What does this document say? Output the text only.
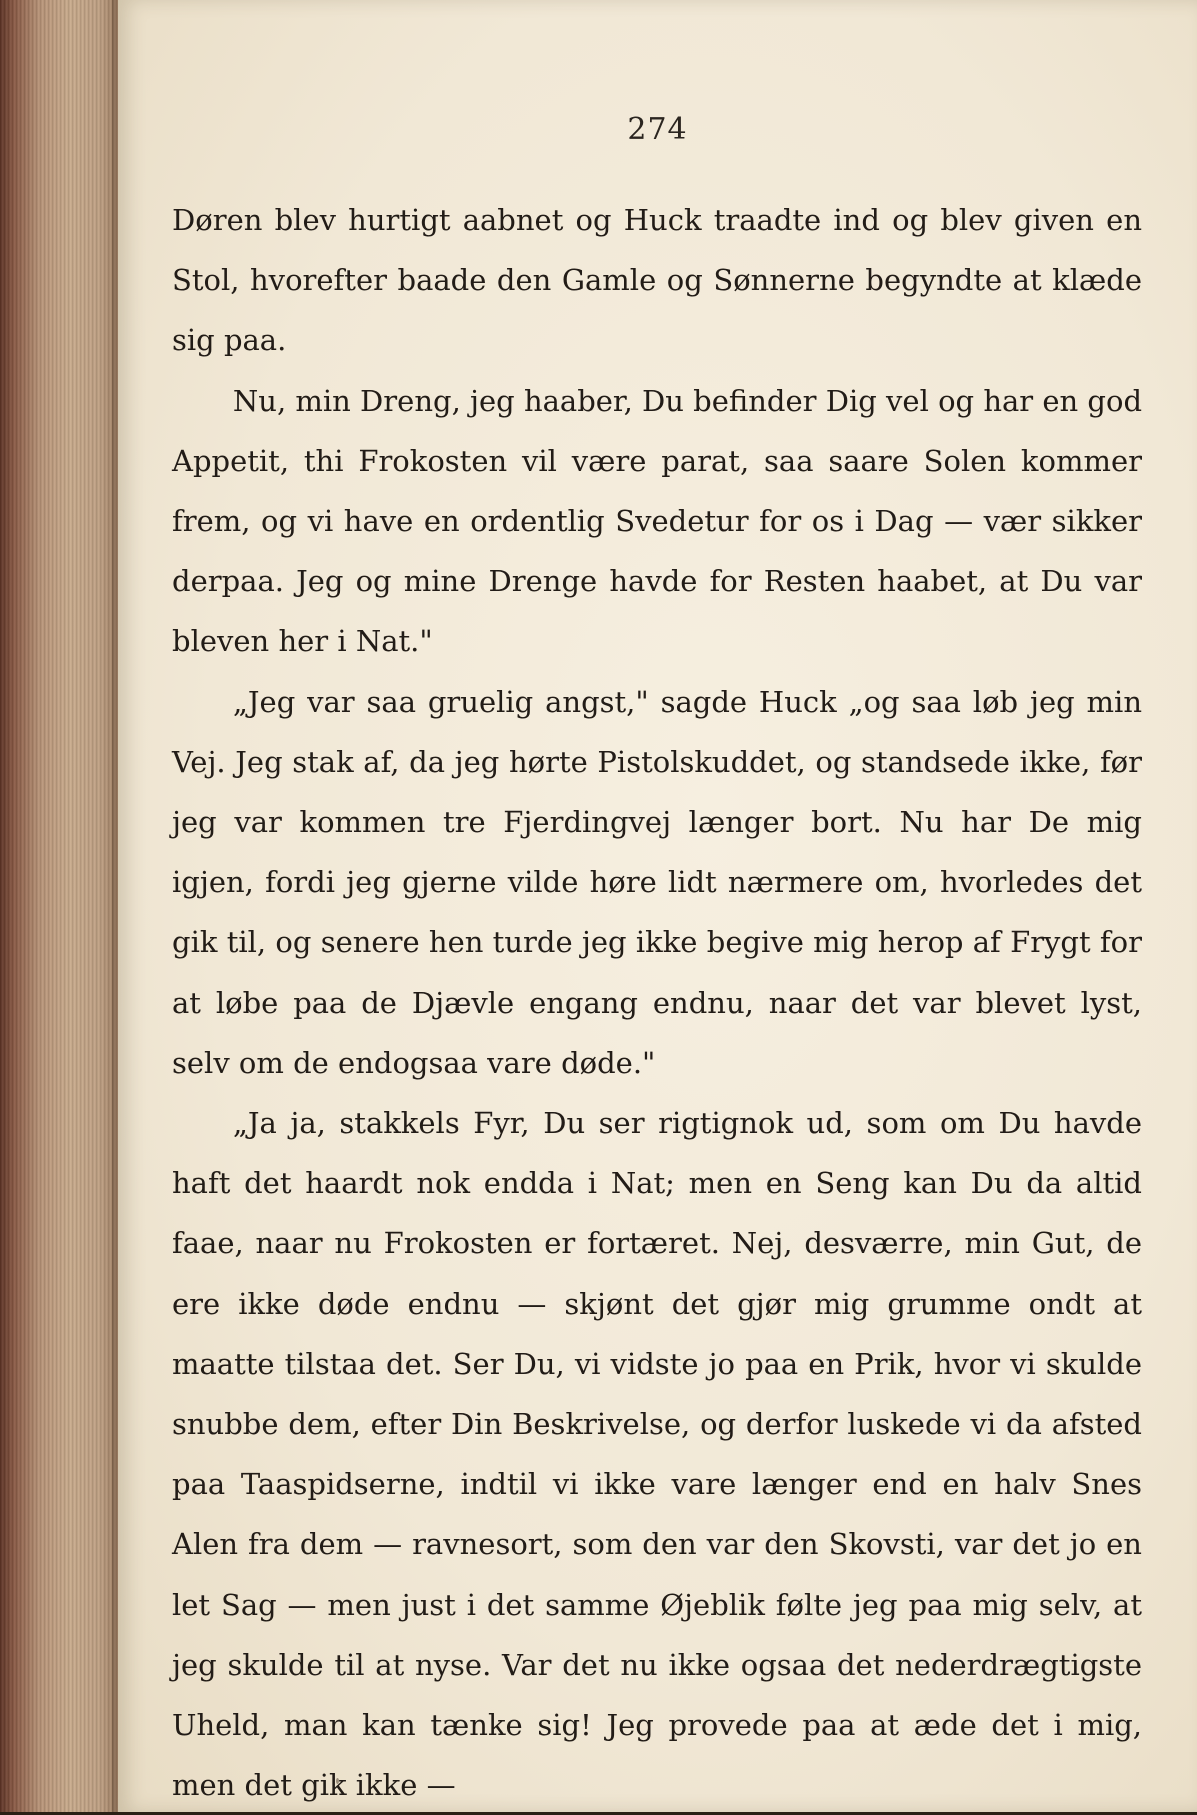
274

Døren blev hurtigt aabnet og Huck traadte ind og blev given en Stol, hvorefter baade den Gamle og Sønnerne begyndte at klæde sig paa.

Nu, min Dreng, jeg haaber, Du befinder Dig vel og har en god Appetit, thi Frokosten vil være parat, saa saare Solen kommer frem, og vi have en ordentlig Svedetur for os i Dag — vær sikker derpaa. Jeg og mine Drenge havde for Resten haabet, at Du var bleven her i Nat."

„Jeg var saa gruelig angst," sagde Huck „og saa løb jeg min Vej. Jeg stak af, da jeg hørte Pistolskuddet, og standsede ikke, før jeg var kommen tre Fjerdingvej længer bort. Nu har De mig igjen, fordi jeg gjerne vilde høre lidt nærmere om, hvorledes det gik til, og senere hen turde jeg ikke begive mig herop af Frygt for at løbe paa de Djævle engang endnu, naar det var blevet lyst, selv om de endogsaa vare døde."

„Ja ja, stakkels Fyr, Du ser rigtignok ud, som om Du havde haft det haardt nok endda i Nat; men en Seng kan Du da altid faae, naar nu Frokosten er fortæret. Nej, desværre, min Gut, de ere ikke døde endnu — skjønt det gjør mig grumme ondt at maatte tilstaa det. Ser Du, vi vidste jo paa en Prik, hvor vi skulde snubbe dem, efter Din Beskrivelse, og derfor luskede vi da afsted paa Taaspidserne, indtil vi ikke vare længer end en halv Snes Alen fra dem — ravnesort, som den var den Skovsti, var det jo en let Sag — men just i det samme Øjeblik følte jeg paa mig selv, at jeg skulde til at nyse. Var det nu ikke ogsaa det nederdrægtigste Uheld, man kan tænke sig! Jeg provede paa at æde det i mig, men det gik ikke —
